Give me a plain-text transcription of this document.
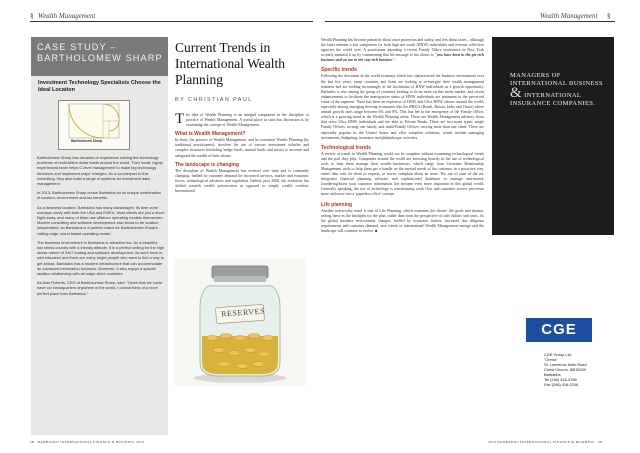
§ Wealth Management	Wealth Management §
CASE STUDY –
BARTHOLOMEW SHARP
Investment Technology Specialists Choose the Ideal Location
Bartholomew Sharp

Bartholomew Sharp has decades of experience solving the technology problems of multi-billion dollar funds around the world. Their small, highly experienced team helps C-level management to make big technology decisions and implement major changes. As a counterpart to this consulting, they also build a range of systems for investment data management.

In 2013, Bartholomew Sharp chose Barbados for its unique combination of location, environment and tax benefits.

As a business location, Barbados has many advantages. Its time zone overlaps nicely with both the USA and EMEA. Most clients are just a short flight away, and many of them use offshore operating models themselves. Modern consulting and software development also tends to be location independent, so Barbados is a perfect match for Bartholomew-Sharp's cutting edge, cloud based operating model.

The business environment in Barbados is attractive too. As a beautiful, low stress country with a friendly attitude, it is a perfect setting for the high stress nature of 24x7 trading and software development. Its work force is well educated and there are many bright people who want to find a way to get ahead. Barbados has a modern infrastructure that can accommodate an advanced information business. Moreover, it also enjoys a special taxation relationship with all major client countries.

As Alan Roberts, CEO of Bartholomew Sharp, said: "Given that we could have our headquarters anywhere in the world, I cannot think of a more perfect place than Barbados."

Current Trends in International Wealth Planning
BY CHRISTIAN PAUL

The idea of Wealth Planning is an integral component in the discipline or practice of Wealth Management. A useful place to start this discussion is by examining the concept of Wealth Management.

What is Wealth Management?

In short, the practice of Wealth Management, and by extension Wealth Planning (by traditional practitioners), involves the use of various investment vehicles and complex structures (including hedge funds, mutual funds and trusts) to increase and safeguard the wealth of their clients.

The landscape is changing

The discipline of Wealth Management has evolved over time and is constantly changing, fuelled by customer demand for increased services, market and economic forces, technological advances and regulation. Indeed, post 2008, the evolution has shifted towards wealth preservation as opposed to simply wealth creation. International

RESERVES

Wealth Planning has become primarily about asset protection and safety, and less about taxes – although the latter remains a key component for both high net worth (HNW) individuals and revenue collection agencies the world over. A practitioner attending a recent Family Office conference in New York recently summed it up by commenting that his message to his clients is "you have been in the get rich business and we are in the stay rich business".

Specific trends

Following the downturn in the world economy which has characterised the business environment over the last few years, many countries and firms are looking to re-energise their wealth management business and are looking increasingly at the facilitation of HNW individuals as a growth opportunity. Barbados is also among the group of countries looking to focus more on this niche market, and recent enhancements to facilitate the immigration status of HNW individuals are testament to the perceived value of the segment. There has been an explosion of HNW and Ultra HNW classes around the world, especially among emerging thriving economies like the BRICS (Brazil, Russia, India and China) where annual growth rates range between 6% and 8%. This has led to the emergence of the Family Office, which is a growing trend in the Wealth Planning arena. These are Wealth Management advisory firms that serve Ultra HNW individuals and are akin to Private Banks. There are two main types: single Family Offices, serving one family, and multi-Family Offices, serving more than one client. These are especially popular in the United States and offer complete solutions, which include managing investments, budgeting, insurance and philanthropic activities.

Technological trends

A review of trends in Wealth Planning would not be complete without examining technological trends and the part they play. Companies around the world are investing heavily in the use of technological tools to help them manage their wealth businesses, which range from Customer Relationship Management tools to help them get a handle on the myriad needs of the customer in a proactive way, rather than wait for them to request, or worse, complain about an issue. The use of state of the art, integrated financial planning software and sophisticated databases to manage anti-money laundering/know your customer information has become even more important in this global world. Generally speaking, the use of technology is transforming work flow and customer service processes more and more into a 'paperless office' concept.

Life planning

Another noteworthy trend is that of Life Planning, which examines the clients' life goals and dreams, setting these as the linchpins for the plan, rather than from the perspective of only dollars and cents. As the global business environment changes, fuelled by economic factors, increased due diligence requirements and customer demand, new trends in international Wealth Management emerge and the landscape will continue to evolve. ■

MANAGERS OF
INTERNATIONAL BUSINESS
& INTERNATIONAL
INSURANCE COMPANIES.
CGE
CGE Group Ltd.
"Orena"
St. Lawrence Main Road
Christ Church, BB15039
Barbados
Tel (246) 418-0788
Fax (246) 418-0246
16 BARBADOS INTERNATIONAL FINANCE & BUSINESS 2014	2014 BARBADOS INTERNATIONAL FINANCE & BUSINESS 15
